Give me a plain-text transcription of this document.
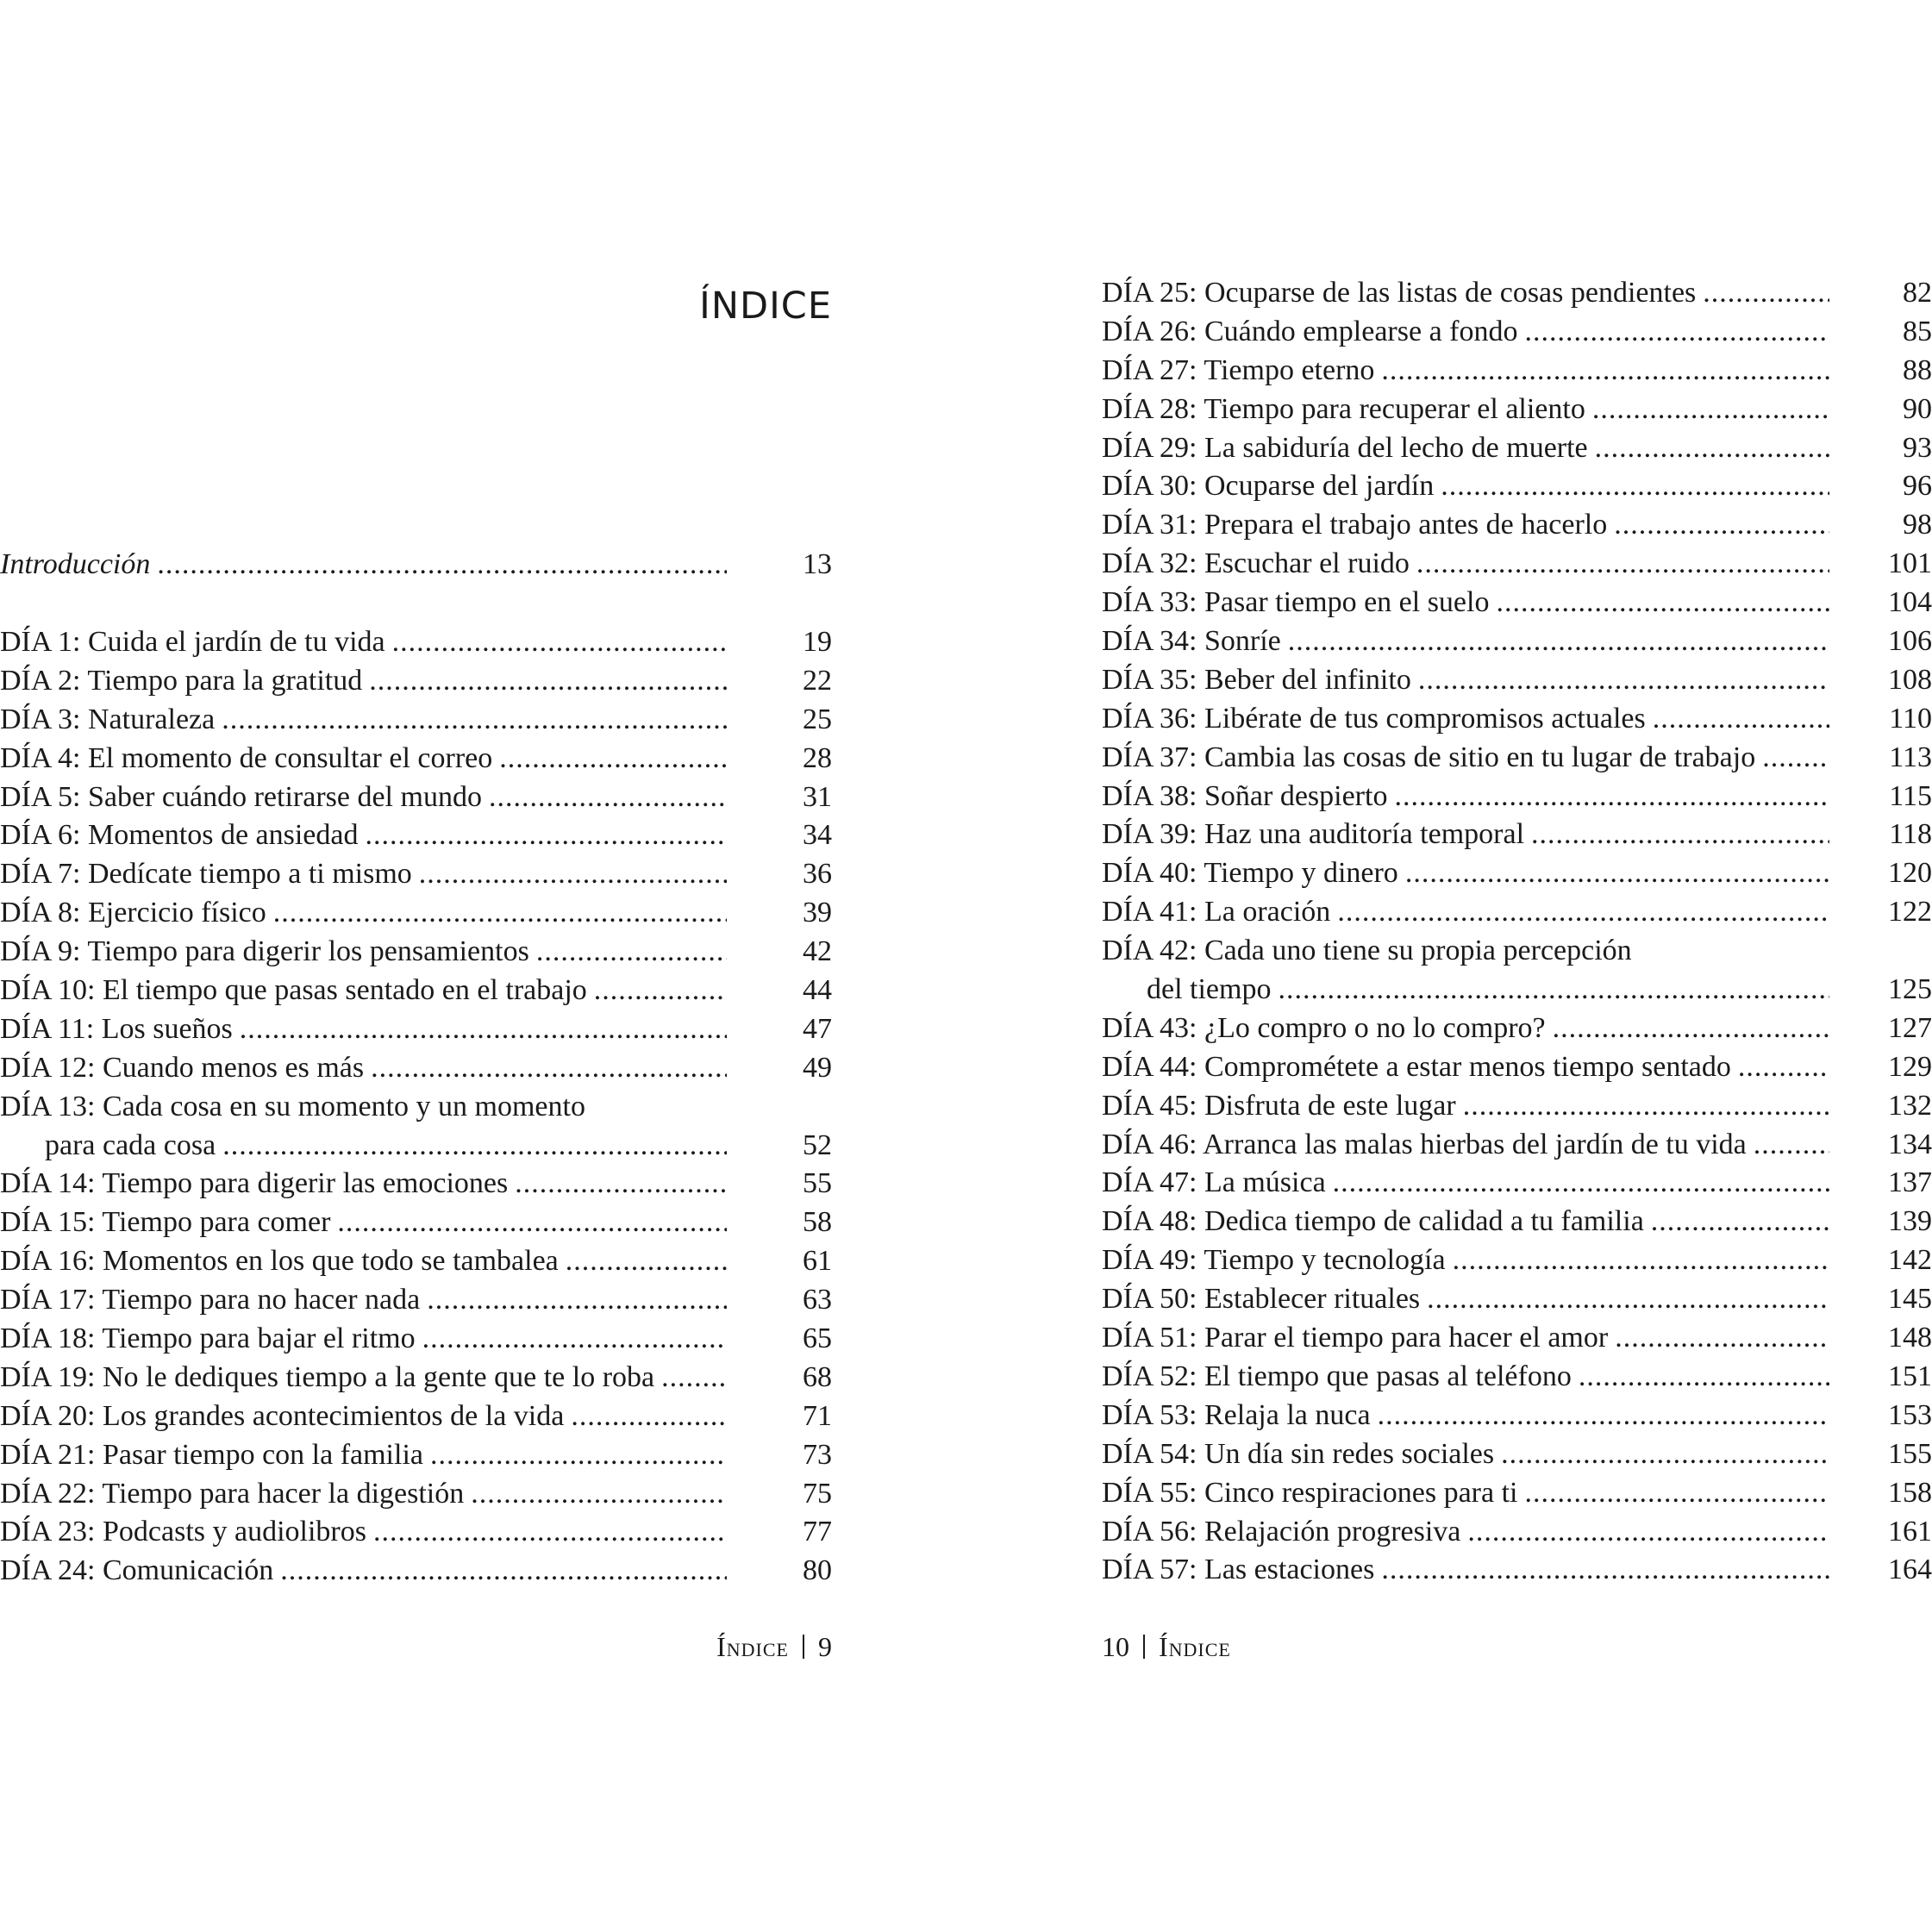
ÍNDICE
Introducción .....	13
DÍA 1: Cuida el jardín de tu vida .....	19
DÍA 2: Tiempo para la gratitud .....	22
DÍA 3: Naturaleza .....	25
DÍA 4: El momento de consultar el correo .....	28
DÍA 5: Saber cuándo retirarse del mundo .....	31
DÍA 6: Momentos de ansiedad .....	34
DÍA 7: Dedícate tiempo a ti mismo .....	36
DÍA 8: Ejercicio físico .....	39
DÍA 9: Tiempo para digerir los pensamientos .....	42
DÍA 10: El tiempo que pasas sentado en el trabajo .....	44
DÍA 11: Los sueños .....	47
DÍA 12: Cuando menos es más .....	49
DÍA 13: Cada cosa en su momento y un momento
para cada cosa .....	52
DÍA 14: Tiempo para digerir las emociones .....	55
DÍA 15: Tiempo para comer .....	58
DÍA 16: Momentos en los que todo se tambalea .....	61
DÍA 17: Tiempo para no hacer nada .....	63
DÍA 18: Tiempo para bajar el ritmo .....	65
DÍA 19: No le dediques tiempo a la gente que te lo roba .....	68
DÍA 20: Los grandes acontecimientos de la vida .....	71
DÍA 21: Pasar tiempo con la familia .....	73
DÍA 22: Tiempo para hacer la digestión .....	75
DÍA 23: Podcasts y audiolibros .....	77
DÍA 24: Comunicación .....	80
Índice 9
DÍA 25: Ocuparse de las listas de cosas pendientes .....	82
DÍA 26: Cuándo emplearse a fondo .....	85
DÍA 27: Tiempo eterno .....	88
DÍA 28: Tiempo para recuperar el aliento .....	90
DÍA 29: La sabiduría del lecho de muerte .....	93
DÍA 30: Ocuparse del jardín .....	96
DÍA 31: Prepara el trabajo antes de hacerlo .....	98
DÍA 32: Escuchar el ruido .....	101
DÍA 33: Pasar tiempo en el suelo .....	104
DÍA 34: Sonríe .....	106
DÍA 35: Beber del infinito .....	108
DÍA 36: Libérate de tus compromisos actuales .....	110
DÍA 37: Cambia las cosas de sitio en tu lugar de trabajo .....	113
DÍA 38: Soñar despierto .....	115
DÍA 39: Haz una auditoría temporal .....	118
DÍA 40: Tiempo y dinero .....	120
DÍA 41: La oración .....	122
DÍA 42: Cada uno tiene su propia percepción
del tiempo .....	125
DÍA 43: ¿Lo compro o no lo compro? .....	127
DÍA 44: Comprométete a estar menos tiempo sentado .....	129
DÍA 45: Disfruta de este lugar .....	132
DÍA 46: Arranca las malas hierbas del jardín de tu vida .....	134
DÍA 47: La música .....	137
DÍA 48: Dedica tiempo de calidad a tu familia .....	139
DÍA 49: Tiempo y tecnología .....	142
DÍA 50: Establecer rituales .....	145
DÍA 51: Parar el tiempo para hacer el amor .....	148
DÍA 52: El tiempo que pasas al teléfono .....	151
DÍA 53: Relaja la nuca .....	153
DÍA 54: Un día sin redes sociales .....	155
DÍA 55: Cinco respiraciones para ti .....	158
DÍA 56: Relajación progresiva .....	161
DÍA 57: Las estaciones .....	164
10 Índice
